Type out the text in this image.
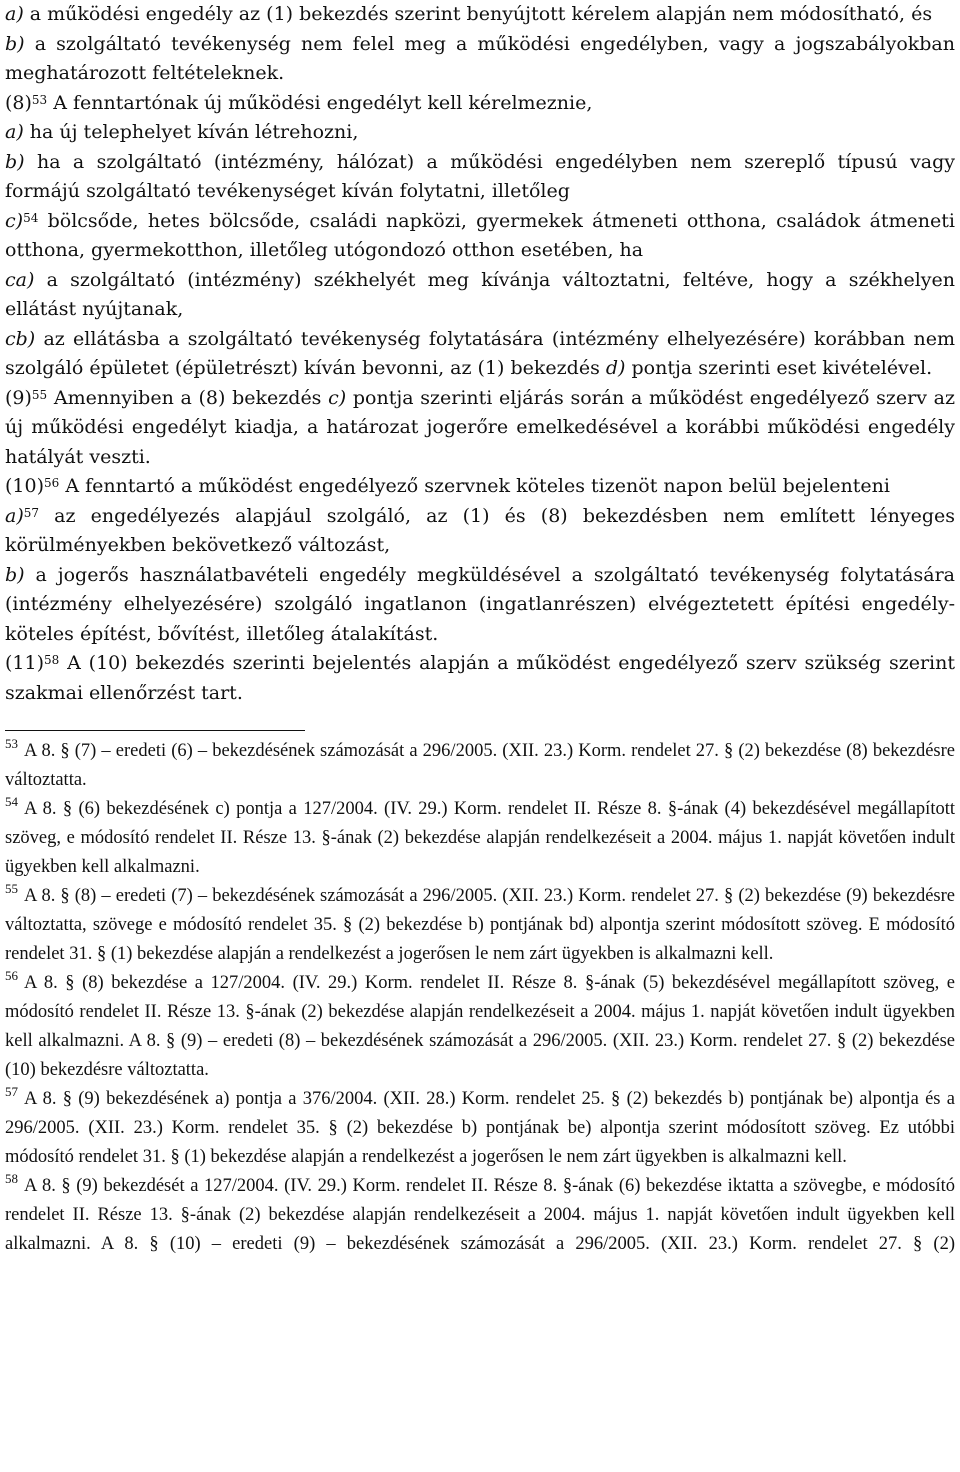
a) a működési engedély az (1) bekezdés szerint benyújtott kérelem alapján nem módosítható, és

b) a szolgáltató tevékenység nem felel meg a működési engedélyben, vagy a jogszabályokban meghatározott feltételeknek.

(8)$^{53}$ A fenntartónak új működési engedélyt kell kérelmeznie,

a) ha új telephelyet kíván létrehozni,

b) ha a szolgáltató (intézmény, hálózat) a működési engedélyben nem szereplő típusú vagy formájú szolgáltató tevékenységet kíván folytatni, illetőleg

c)$^{54}$ bölcsőde, hetes bölcsőde, családi napközi, gyermekek átmeneti otthona, családok átmeneti otthona, gyermekotthon, illetőleg utógondozó otthon esetében, ha

ca) a szolgáltató (intézmény) székhelyét meg kívánja változtatni, feltéve, hogy a székhelyen ellátást nyújtanak,

cb) az ellátásba a szolgáltató tevékenység folytatására (intézmény elhelyezésére) korábban nem szolgáló épületet (épületrészt) kíván bevonni, az (1) bekezdés d) pontja szerinti eset kivételével.

(9)$^{55}$ Amennyiben a (8) bekezdés c) pontja szerinti eljárás során a működést engedélyező szerv az új működési engedélyt kiadja, a határozat jogerőre emelkedésével a korábbi működési engedély hatályát veszti.

(10)$^{56}$ A fenntartó a működést engedélyező szervnek köteles tizenöt napon belül bejelenteni

a)$^{57}$ az engedélyezés alapjául szolgáló, az (1) és (8) bekezdésben nem említett lényeges körülményekben bekövetkező változást,

b) a jogerős használatbavételi engedély megküldésével a szolgáltató tevékenység folytatására (intézmény elhelyezésére) szolgáló ingatlanon (ingatlanrészen) elvégeztetett építési engedély-köteles építést, bővítést, illetőleg átalakítást.

(11)$^{58}$ A (10) bekezdés szerinti bejelentés alapján a működést engedélyező szerv szükség szerint szakmai ellenőrzést tart.

$^{53}$ A 8. § (7) – eredeti (6) – bekezdésének számozását a 296/2005. (XII. 23.) Korm. rendelet 27. § (2) bekezdése (8) bekezdésre változtatta.

$^{54}$ A 8. § (6) bekezdésének c) pontja a 127/2004. (IV. 29.) Korm. rendelet II. Része 8. §-ának (4) bekezdésével megállapított szöveg, e módosító rendelet II. Része 13. §-ának (2) bekezdése alapján rendelkezéseit a 2004. május 1. napját követően indult ügyekben kell alkalmazni.

$^{55}$ A 8. § (8) – eredeti (7) – bekezdésének számozását a 296/2005. (XII. 23.) Korm. rendelet 27. § (2) bekezdése (9) bekezdésre változtatta, szövege e módosító rendelet 35. § (2) bekezdése b) pontjának bd) alpontja szerint módosított szöveg. E módosító rendelet 31. § (1) bekezdése alapján a rendelkezést a jogerősen le nem zárt ügyekben is alkalmazni kell.

$^{56}$ A 8. § (8) bekezdése a 127/2004. (IV. 29.) Korm. rendelet II. Része 8. §-ának (5) bekezdésével megállapított szöveg, e módosító rendelet II. Része 13. §-ának (2) bekezdése alapján rendelkezéseit a 2004. május 1. napját követően indult ügyekben kell alkalmazni. A 8. § (9) – eredeti (8) – bekezdésének számozását a 296/2005. (XII. 23.) Korm. rendelet 27. § (2) bekezdése (10) bekezdésre változtatta.

$^{57}$ A 8. § (9) bekezdésének a) pontja a 376/2004. (XII. 28.) Korm. rendelet 25. § (2) bekezdés b) pontjának be) alpontja és a 296/2005. (XII. 23.) Korm. rendelet 35. § (2) bekezdése b) pontjának be) alpontja szerint módosított szöveg. Ez utóbbi módosító rendelet 31. § (1) bekezdése alapján a rendelkezést a jogerősen le nem zárt ügyekben is alkalmazni kell.

$^{58}$ A 8. § (9) bekezdését a 127/2004. (IV. 29.) Korm. rendelet II. Része 8. §-ának (6) bekezdése iktatta a szövegbe, e módosító rendelet II. Része 13. §-ának (2) bekezdése alapján rendelkezéseit a 2004. május 1. napját követően indult ügyekben kell alkalmazni. A 8. § (10) – eredeti (9) – bekezdésének számozását a 296/2005. (XII. 23.) Korm. rendelet 27. § (2)
